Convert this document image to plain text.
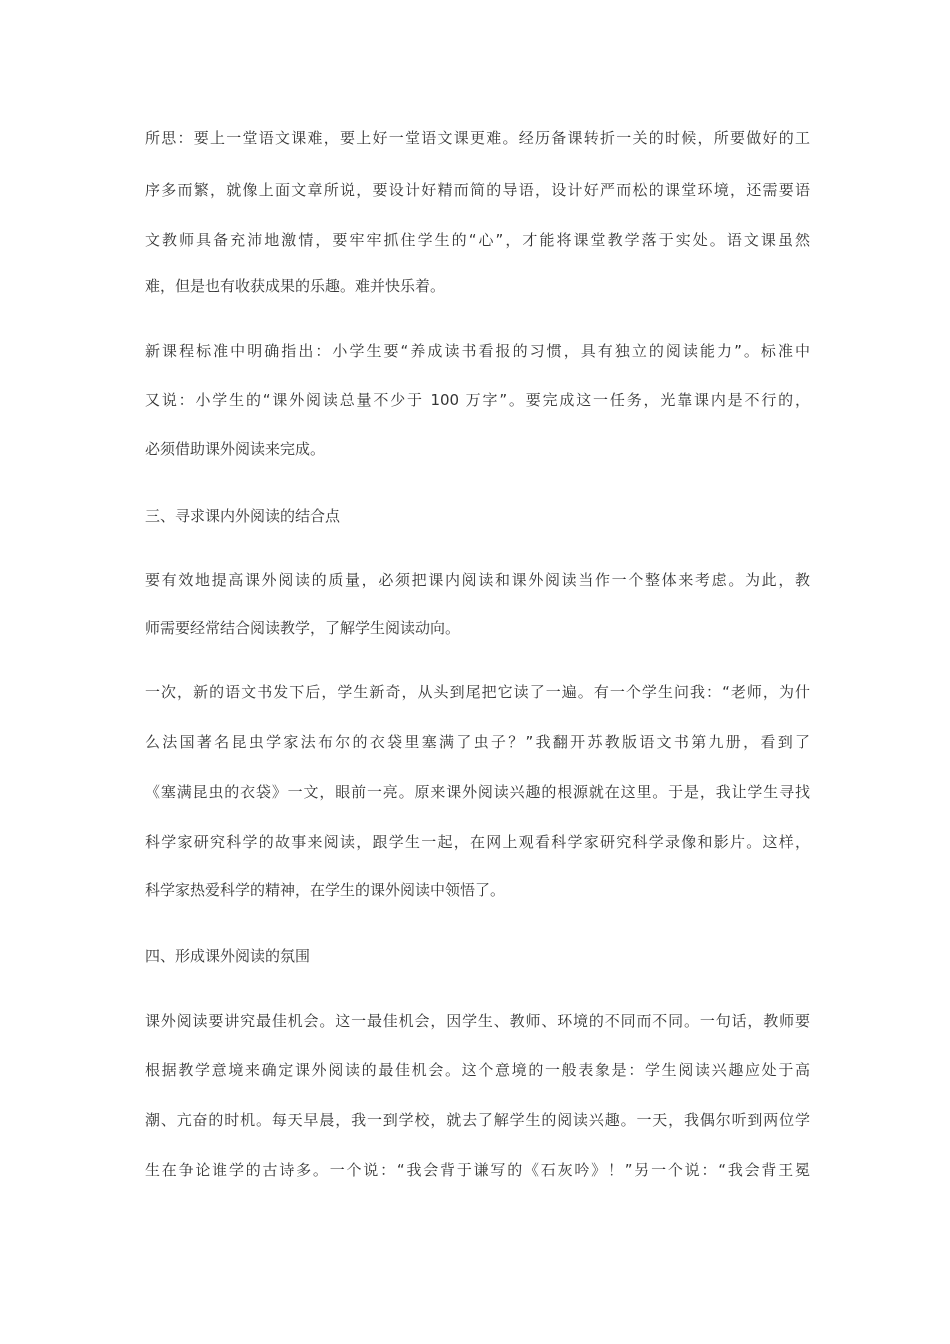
所思：要上一堂语文课难，要上好一堂语文课更难。经历备课转折一关的时候，所要做好的工
序多而繁，就像上面文章所说，要设计好精而简的导语，设计好严而松的课堂环境，还需要语
文教师具备充沛地激情，要牢牢抓住学生的“心”，才能将课堂教学落于实处。语文课虽然
难，但是也有收获成果的乐趣。难并快乐着。
新课程标准中明确指出：小学生要“养成读书看报的习惯，具有独立的阅读能力”。标准中
又说：小学生的“课外阅读总量不少于 100 万字”。要完成这一任务，光靠课内是不行的，
必须借助课外阅读来完成。
三、寻求课内外阅读的结合点
要有效地提高课外阅读的质量，必须把课内阅读和课外阅读当作一个整体来考虑。为此，教
师需要经常结合阅读教学，了解学生阅读动向。
一次，新的语文书发下后，学生新奇，从头到尾把它读了一遍。有一个学生问我：“老师，为什
么法国著名昆虫学家法布尔的衣袋里塞满了虫子？”我翻开苏教版语文书第九册，看到了
《塞满昆虫的衣袋》一文，眼前一亮。原来课外阅读兴趣的根源就在这里。于是，我让学生寻找
科学家研究科学的故事来阅读，跟学生一起，在网上观看科学家研究科学录像和影片。这样，
科学家热爱科学的精神，在学生的课外阅读中领悟了。
四、形成课外阅读的氛围
课外阅读要讲究最佳机会。这一最佳机会，因学生、教师、环境的不同而不同。一句话，教师要
根据教学意境来确定课外阅读的最佳机会。这个意境的一般表象是：学生阅读兴趣应处于高
潮、亢奋的时机。每天早晨，我一到学校，就去了解学生的阅读兴趣。一天，我偶尔听到两位学
生在争论谁学的古诗多。一个说：“我会背于谦写的《石灰吟》！”另一个说：“我会背王冕
